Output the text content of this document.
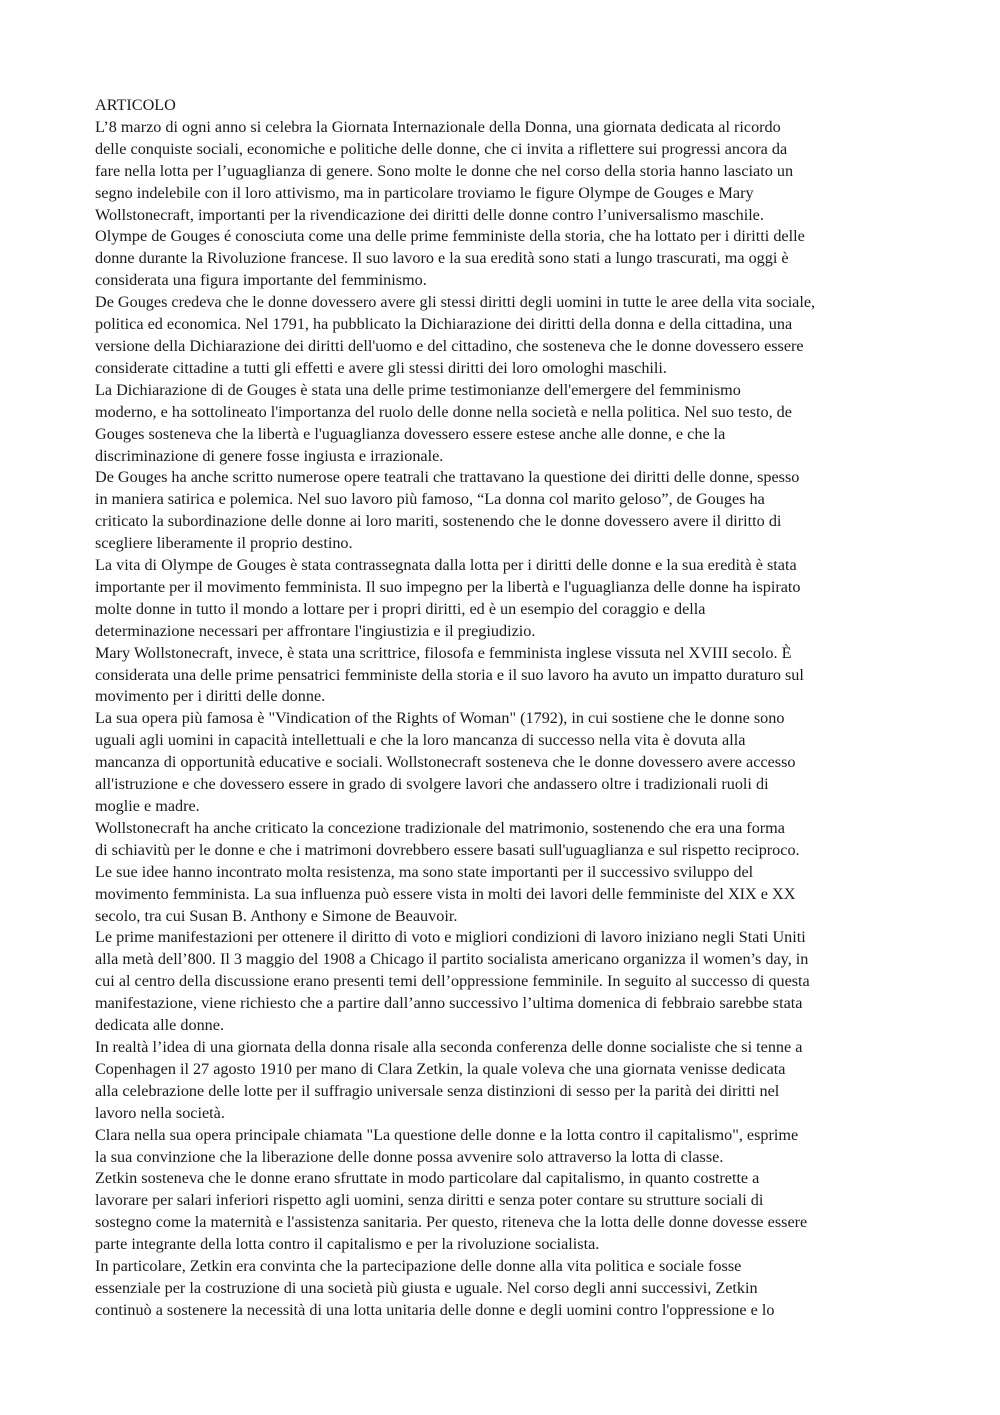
ARTICOLO

L’8 marzo di ogni anno si celebra la Giornata Internazionale della Donna, una giornata dedicata al ricordo
delle conquiste sociali, economiche e politiche delle donne, che ci invita a riflettere sui progressi ancora da
fare nella lotta per l’uguaglianza di genere. Sono molte le donne che nel corso della storia hanno lasciato un
segno indelebile con il loro attivismo, ma in particolare troviamo le figure Olympe de Gouges e Mary
Wollstonecraft, importanti per la rivendicazione dei diritti delle donne contro l’universalismo maschile.

Olympe de Gouges é conosciuta come una delle prime femministe della storia, che ha lottato per i diritti delle
donne durante la Rivoluzione francese. Il suo lavoro e la sua eredità sono stati a lungo trascurati, ma oggi è
considerata una figura importante del femminismo.

De Gouges credeva che le donne dovessero avere gli stessi diritti degli uomini in tutte le aree della vita sociale,
politica ed economica. Nel 1791, ha pubblicato la Dichiarazione dei diritti della donna e della cittadina, una
versione della Dichiarazione dei diritti dell'uomo e del cittadino, che sosteneva che le donne dovessero essere
considerate cittadine a tutti gli effetti e avere gli stessi diritti dei loro omologhi maschili.

La Dichiarazione di de Gouges è stata una delle prime testimonianze dell'emergere del femminismo
moderno, e ha sottolineato l'importanza del ruolo delle donne nella società e nella politica. Nel suo testo, de
Gouges sosteneva che la libertà e l'uguaglianza dovessero essere estese anche alle donne, e che la
discriminazione di genere fosse ingiusta e irrazionale.

De Gouges ha anche scritto numerose opere teatrali che trattavano la questione dei diritti delle donne, spesso
in maniera satirica e polemica. Nel suo lavoro più famoso, “La donna col marito geloso”, de Gouges ha
criticato la subordinazione delle donne ai loro mariti, sostenendo che le donne dovessero avere il diritto di
scegliere liberamente il proprio destino.

La vita di Olympe de Gouges è stata contrassegnata dalla lotta per i diritti delle donne e la sua eredità è stata
importante per il movimento femminista. Il suo impegno per la libertà e l'uguaglianza delle donne ha ispirato
molte donne in tutto il mondo a lottare per i propri diritti, ed è un esempio del coraggio e della
determinazione necessari per affrontare l'ingiustizia e il pregiudizio.

Mary Wollstonecraft, invece, è stata una scrittrice, filosofa e femminista inglese vissuta nel XVIII secolo. È
considerata una delle prime pensatrici femministe della storia e il suo lavoro ha avuto un impatto duraturo sul
movimento per i diritti delle donne.

La sua opera più famosa è "Vindication of the Rights of Woman" (1792), in cui sostiene che le donne sono
uguali agli uomini in capacità intellettuali e che la loro mancanza di successo nella vita è dovuta alla
mancanza di opportunità educative e sociali. Wollstonecraft sosteneva che le donne dovessero avere accesso
all'istruzione e che dovessero essere in grado di svolgere lavori che andassero oltre i tradizionali ruoli di
moglie e madre.

Wollstonecraft ha anche criticato la concezione tradizionale del matrimonio, sostenendo che era una forma
di schiavitù per le donne e che i matrimoni dovrebbero essere basati sull'uguaglianza e sul rispetto reciproco.
Le sue idee hanno incontrato molta resistenza, ma sono state importanti per il successivo sviluppo del
movimento femminista. La sua influenza può essere vista in molti dei lavori delle femministe del XIX e XX
secolo, tra cui Susan B. Anthony e Simone de Beauvoir.

Le prime manifestazioni per ottenere il diritto di voto e migliori condizioni di lavoro iniziano negli Stati Uniti
alla metà dell’800. Il 3 maggio del 1908 a Chicago il partito socialista americano organizza il women’s day, in
cui al centro della discussione erano presenti temi dell’oppressione femminile. In seguito al successo di questa
manifestazione, viene richiesto che a partire dall’anno successivo l’ultima domenica di febbraio sarebbe stata
dedicata alle donne.

In realtà l’idea di una giornata della donna risale alla seconda conferenza delle donne socialiste che si tenne a
Copenhagen il 27 agosto 1910 per mano di Clara Zetkin, la quale voleva che una giornata venisse dedicata
alla celebrazione delle lotte per il suffragio universale senza distinzioni di sesso per la parità dei diritti nel
lavoro nella società.

Clara nella sua opera principale chiamata "La questione delle donne e la lotta contro il capitalismo", esprime
la sua convinzione che la liberazione delle donne possa avvenire solo attraverso la lotta di classe.

Zetkin sosteneva che le donne erano sfruttate in modo particolare dal capitalismo, in quanto costrette a
lavorare per salari inferiori rispetto agli uomini, senza diritti e senza poter contare su strutture sociali di
sostegno come la maternità e l'assistenza sanitaria. Per questo, riteneva che la lotta delle donne dovesse essere
parte integrante della lotta contro il capitalismo e per la rivoluzione socialista.

In particolare, Zetkin era convinta che la partecipazione delle donne alla vita politica e sociale fosse
essenziale per la costruzione di una società più giusta e uguale. Nel corso degli anni successivi, Zetkin
continuò a sostenere la necessità di una lotta unitaria delle donne e degli uomini contro l'oppressione e lo
